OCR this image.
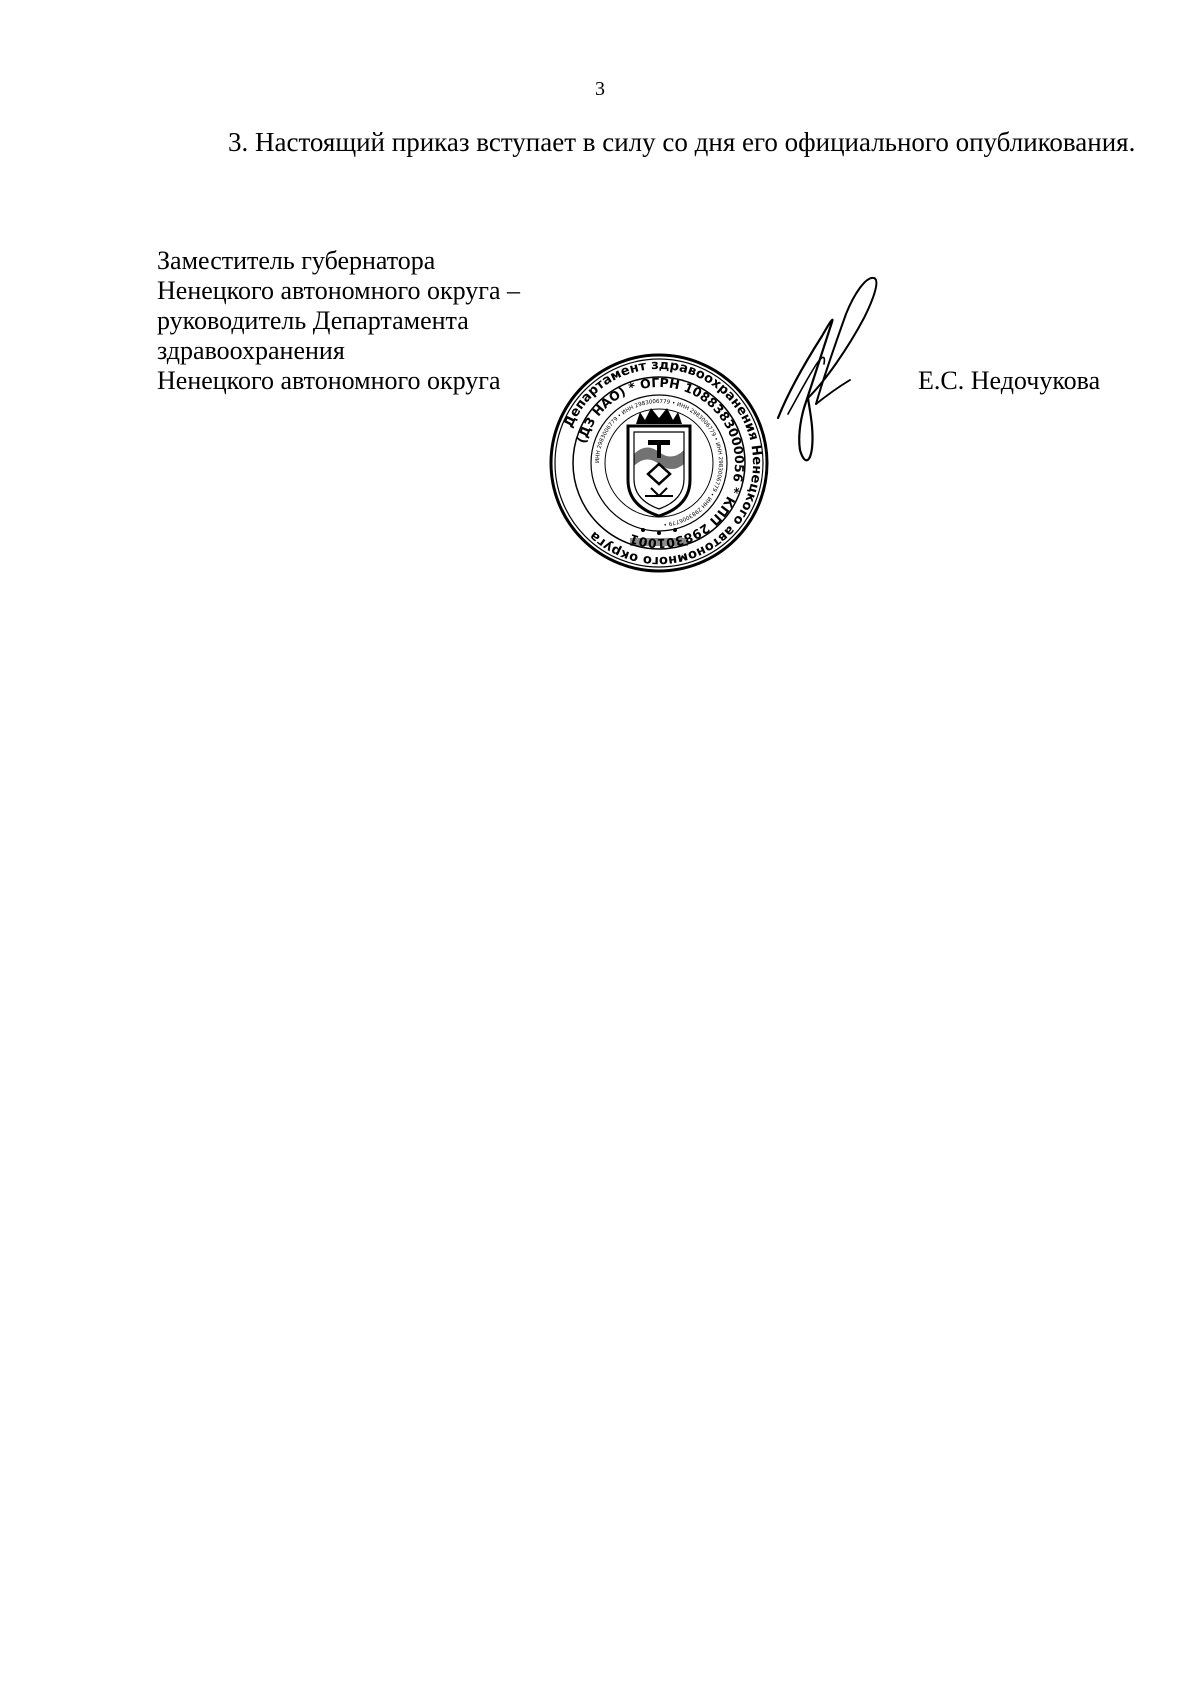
3
3. Настоящий приказ вступает в силу со дня его официального опубликования.
Заместитель губернатора
Ненецкого автономного округа –
руководитель Департамента
здравоохранения
Ненецкого автономного округа	Е.С. Недочукова
Департамент здравоохранения Ненецкого автономного округа
(ДЗ НАО) * ОГРН 1088383000056 * КПП 298301001
ИНН 2983006779 • ИНН 2983006779 • ИНН 2983006779 • ИНН 2983006779 • ИНН 2983006779 •
